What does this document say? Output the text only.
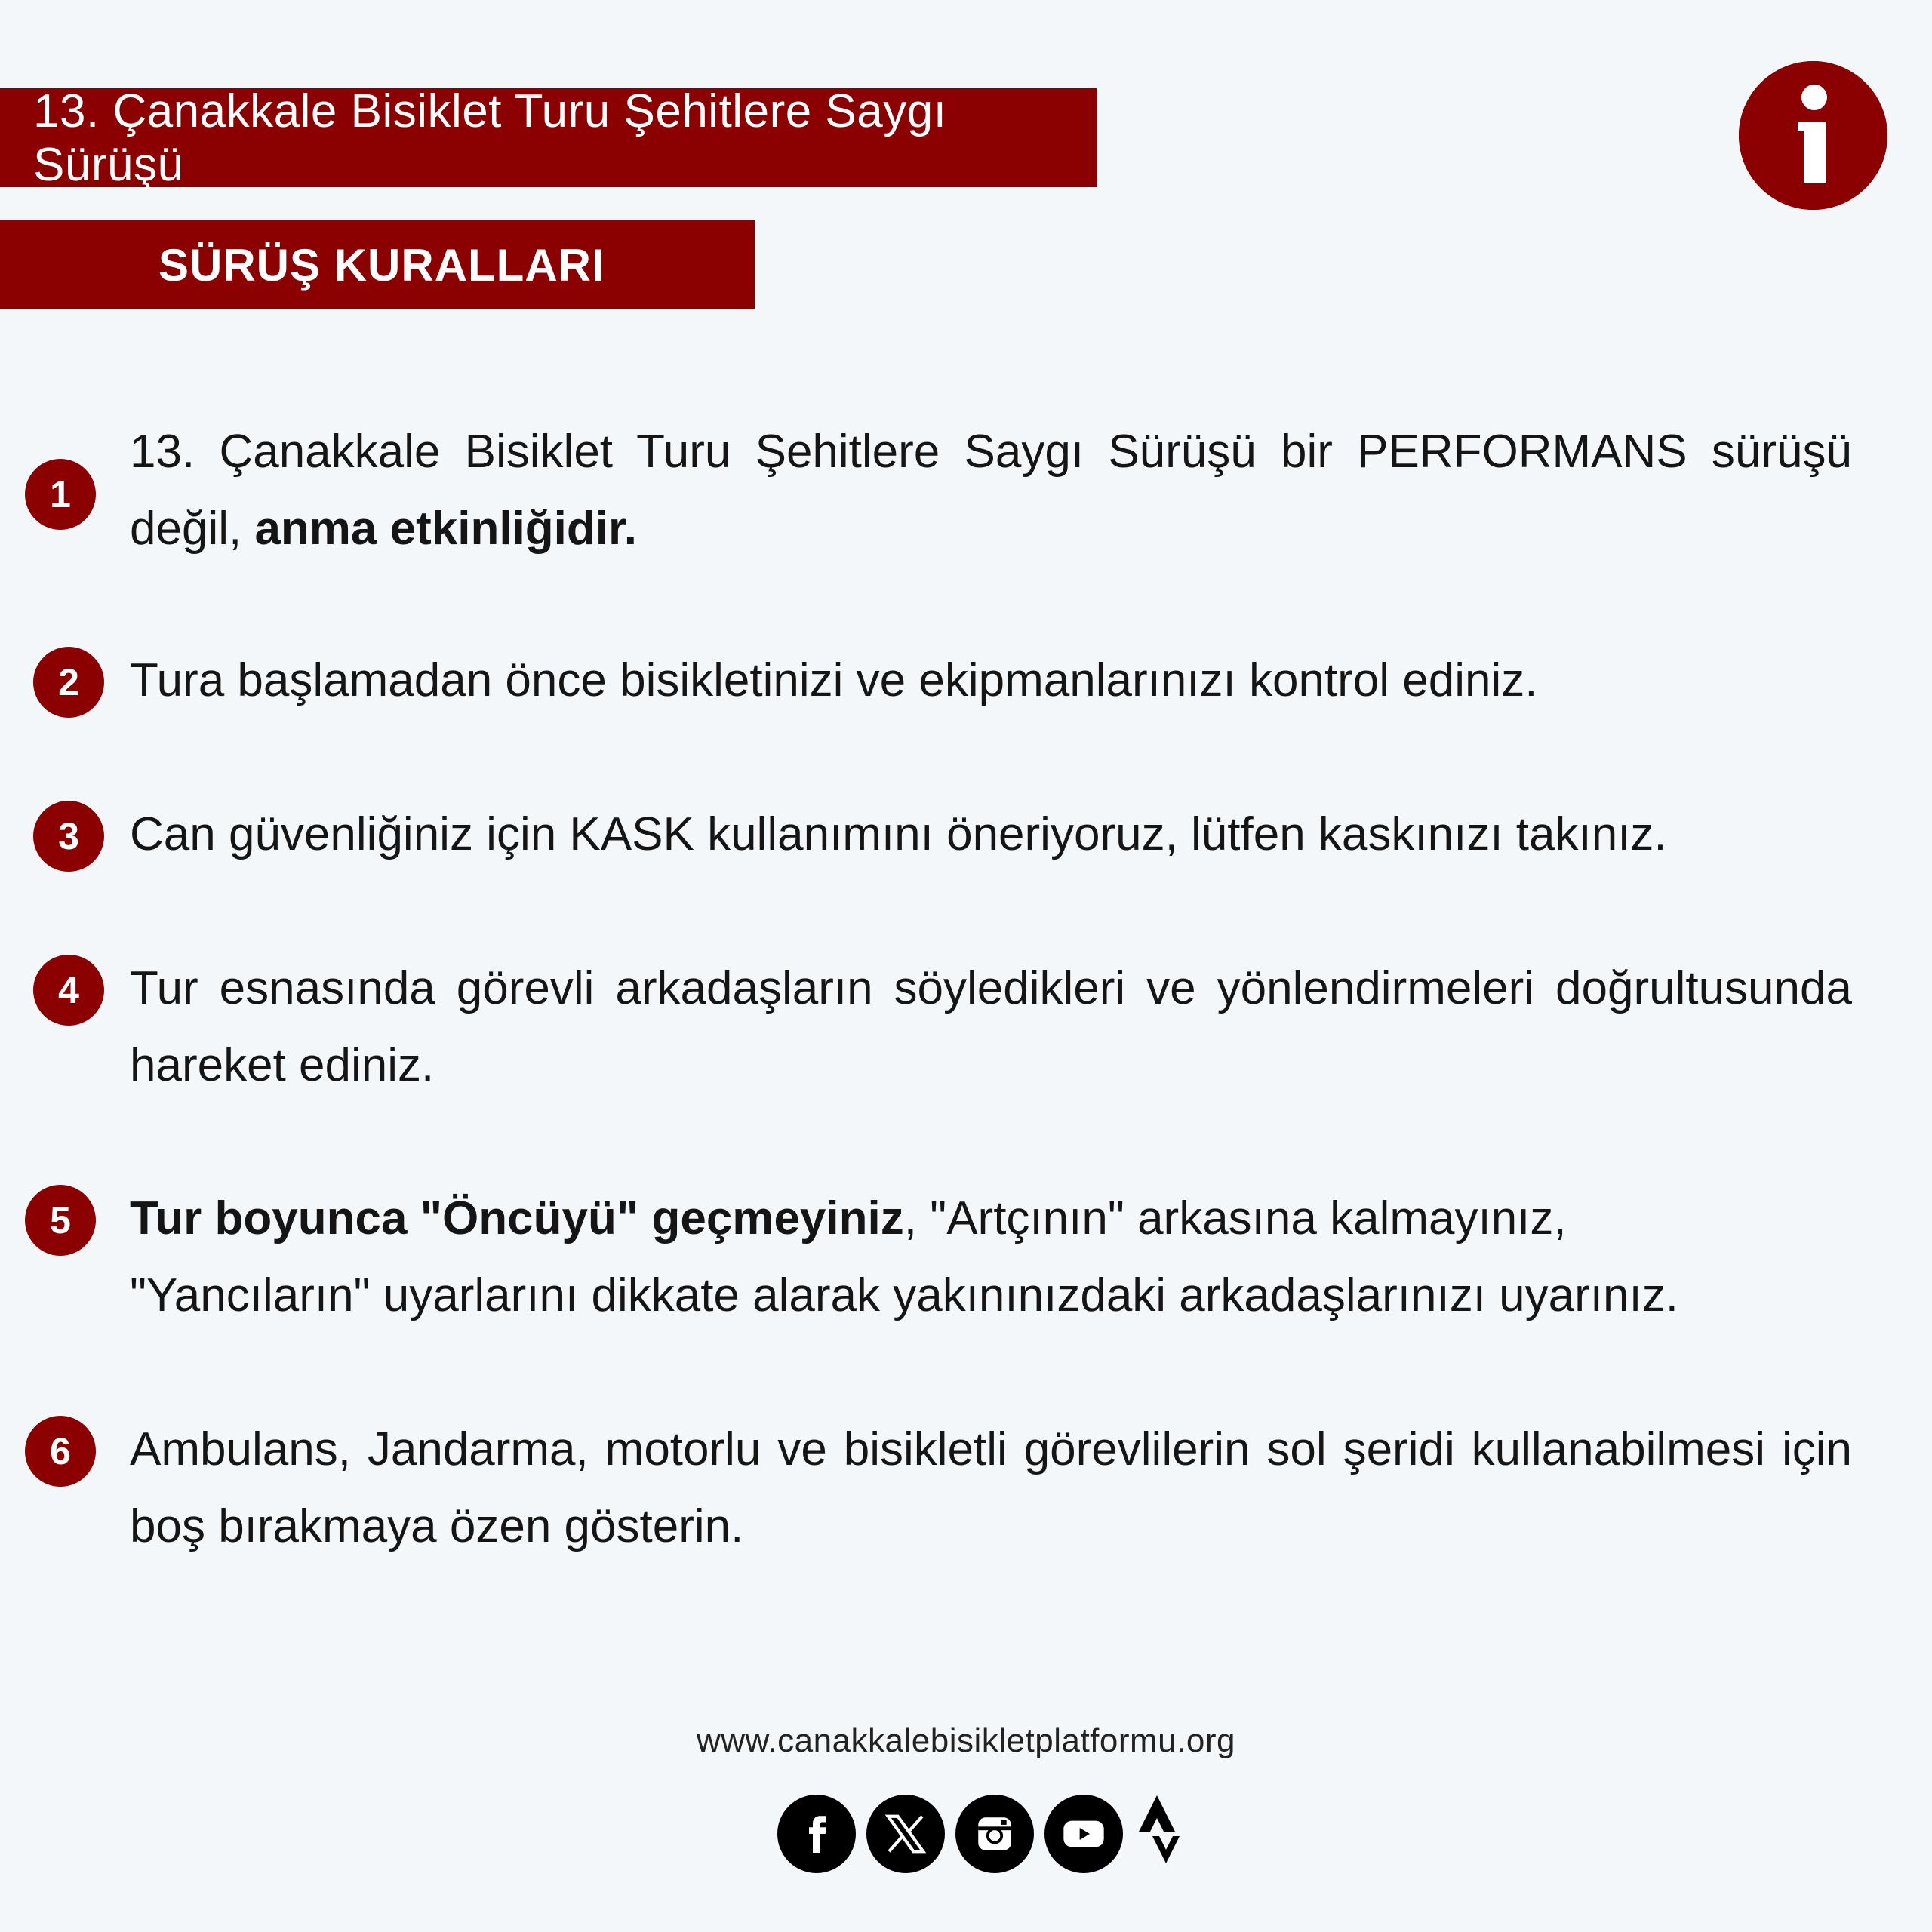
13. Çanakkale Bisiklet Turu Şehitlere Saygı Sürüşü
SÜRÜŞ KURALLARI
1
13. Çanakkale Bisiklet Turu Şehitlere Saygı Sürüşü bir PERFORMANS sürüşü değil, anma etkinliğidir.
2	Tura başlamadan önce bisikletinizi ve ekipmanlarınızı kontrol ediniz.
3	Can güvenliğiniz için KASK kullanımını öneriyoruz, lütfen kaskınızı takınız.
4	Tur esnasında görevli arkadaşların söyledikleri ve yönlendirmeleri doğrultusunda hareket ediniz.
5	Tur boyunca "Öncüyü" geçmeyiniz, "Artçının" arkasına kalmayınız, "Yancıların" uyarlarını dikkate alarak yakınınızdaki arkadaşlarınızı uyarınız.
6	Ambulans, Jandarma, motorlu ve bisikletli görevlilerin sol şeridi kullanabilmesi için boş bırakmaya özen gösterin.
www.canakkalebisikletplatformu.org
